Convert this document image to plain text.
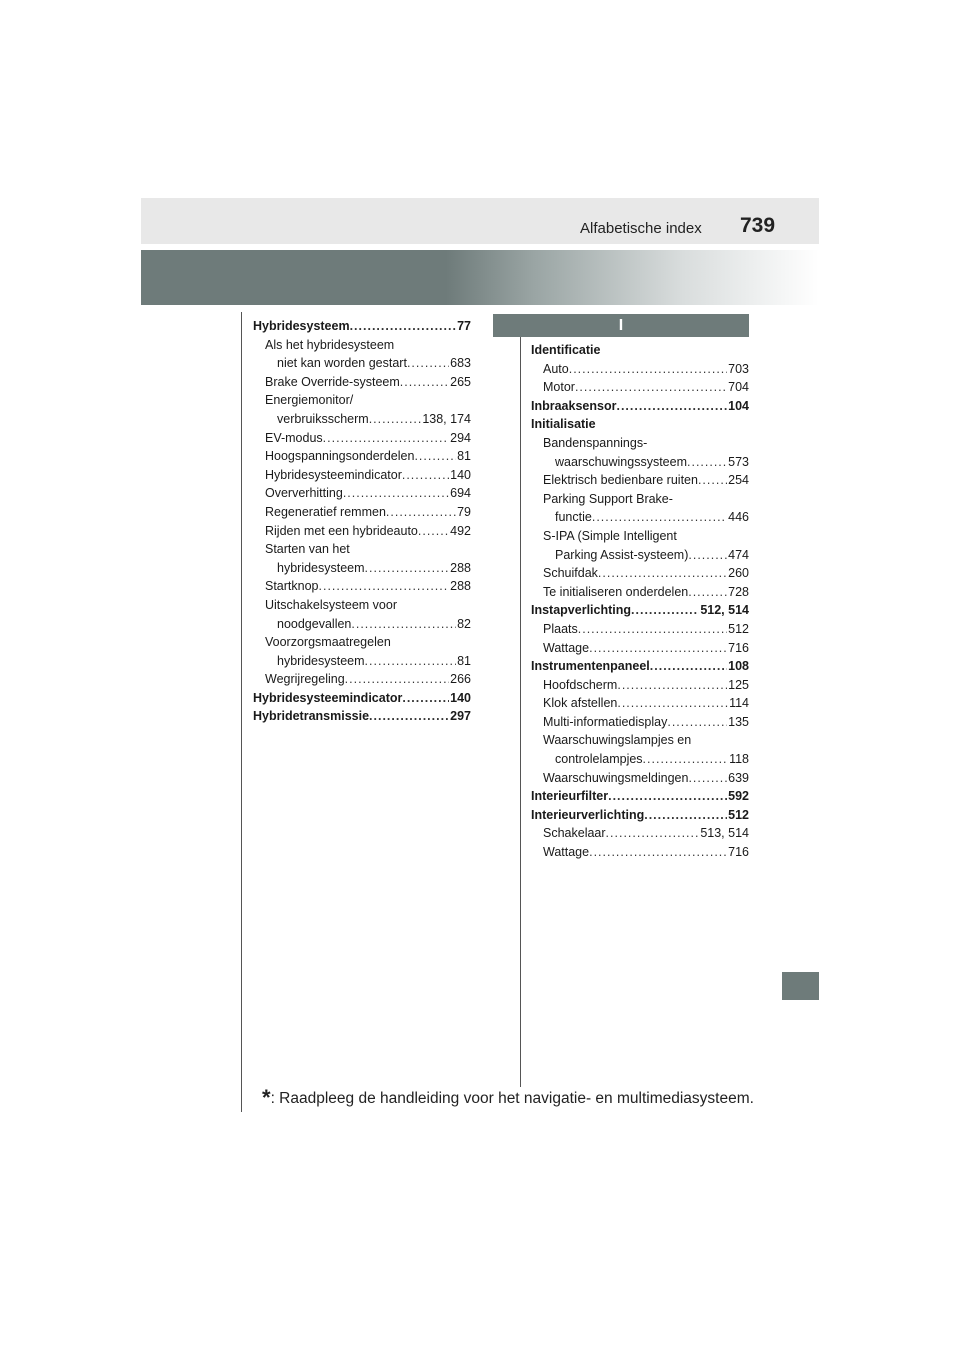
Alfabetische index 739
I
Hybridesysteem .....	77
Als het hybridesysteem
niet kan worden gestart .....	683
Brake Override-systeem .....	265
Energiemonitor/
verbruiksscherm .....	138, 174
EV-modus .....	294
Hoogspanningsonderdelen .....	81
Hybridesysteemindicator .....	140
Oververhitting .....	694
Regeneratief remmen .....	79
Rijden met een hybrideauto .....	492
Starten van het
hybridesysteem .....	288
Startknop .....	288
Uitschakelsysteem voor
noodgevallen .....	82
Voorzorgsmaatregelen
hybridesysteem .....	81
Wegrijregeling .....	266
Hybridesysteemindicator .....	140
Hybridetransmissie .....	297
Identificatie
Auto .....	703
Motor .....	704
Inbraaksensor .....	104
Initialisatie
Bandenspannings-
waarschuwingssysteem .....	573
Elektrisch bedienbare ruiten ..... 254
Parking Support Brake-
functie .....	446
S-IPA (Simple Intelligent
Parking Assist-systeem) .....	474
Schuifdak .....	260
Te initialiseren onderdelen .....	728
Instapverlichting .....	512, 514
Plaats .....	512
Wattage .....	716
Instrumentenpaneel .....	108
Hoofdscherm .....	125
Klok afstellen .....	114
Multi-informatiedisplay .....	135
Waarschuwingslampjes en
controlelampjes .....	118
Waarschuwingsmeldingen .....	639
Interieurfilter .....	592
Interieurverlichting .....	512
Schakelaar .....	513, 514
Wattage .....	716
*: Raadpleeg de handleiding voor het navigatie- en multimediasysteem.
